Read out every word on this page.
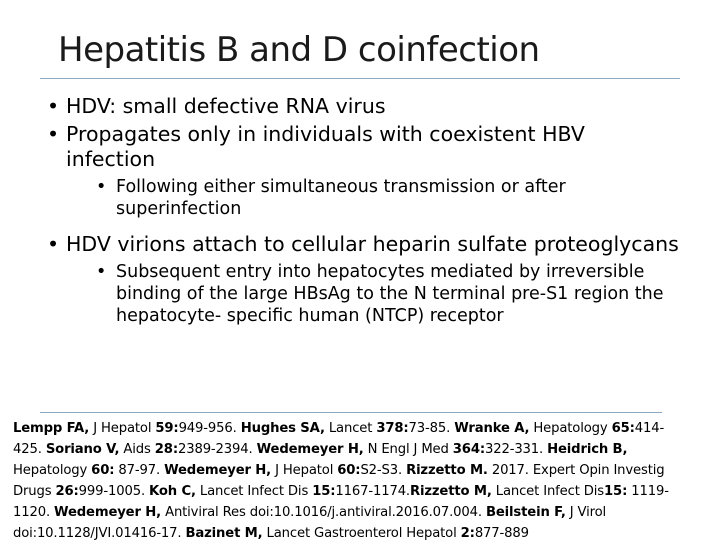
Hepatitis B and D coinfection
• HDV: small defective RNA virus
• Propagates only in individuals with coexistent HBV infection
• Following either simultaneous transmission or after superinfection
• HDV virions attach to cellular heparin sulfate proteoglycans
• Subsequent entry into hepatocytes mediated by irreversible binding of the large HBsAg to the N terminal pre-S1 region the hepatocyte- specific human (NTCP) receptor
Lempp FA, J Hepatol 59:949-956. Hughes SA, Lancet 378:73-85. Wranke A, Hepatology 65:414-
425. Soriano V, Aids 28:2389-2394. Wedemeyer H, N Engl J Med 364:322-331. Heidrich B,
Hepatology 60: 87-97. Wedemeyer H, J Hepatol 60:S2-S3. Rizzetto M. 2017. Expert Opin Investig
Drugs 26:999-1005. Koh C, Lancet Infect Dis 15:1167-1174.Rizzetto M, Lancet Infect Dis15: 1119-
1120. Wedemeyer H, Antiviral Res doi:10.1016/j.antiviral.2016.07.004. Beilstein F, J Virol
doi:10.1128/JVI.01416-17. Bazinet M, Lancet Gastroenterol Hepatol 2:877-889
